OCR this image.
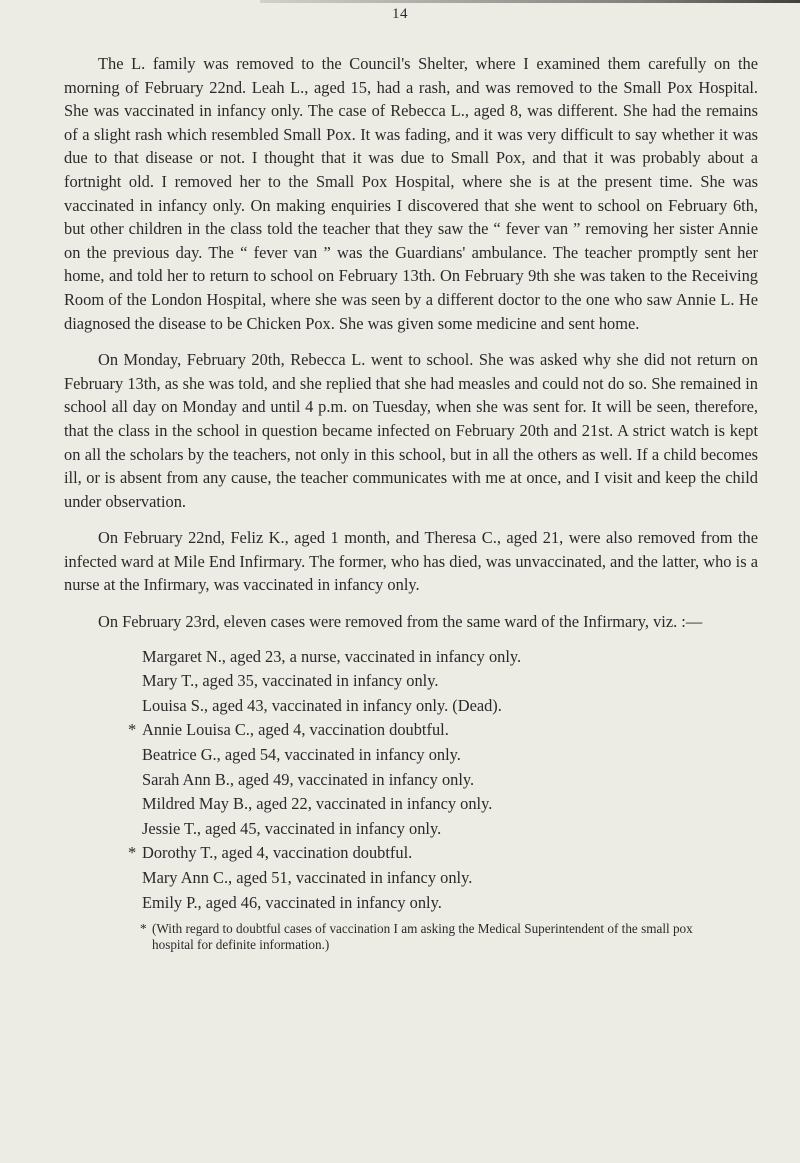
14

The L. family was removed to the Council's Shelter, where I examined them carefully on the morning of February 22nd. Leah L., aged 15, had a rash, and was removed to the Small Pox Hospital. She was vaccinated in infancy only. The case of Rebecca L., aged 8, was different. She had the remains of a slight rash which resembled Small Pox. It was fading, and it was very difficult to say whether it was due to that disease or not. I thought that it was due to Small Pox, and that it was probably about a fortnight old. I removed her to the Small Pox Hospital, where she is at the present time. She was vaccinated in infancy only. On making enquiries I discovered that she went to school on February 6th, but other children in the class told the teacher that they saw the “ fever van ” removing her sister Annie on the previous day. The “ fever van ” was the Guardians' ambulance. The teacher promptly sent her home, and told her to return to school on February 13th. On February 9th she was taken to the Receiving Room of the London Hospital, where she was seen by a different doctor to the one who saw Annie L. He diagnosed the disease to be Chicken Pox. She was given some medicine and sent home.

On Monday, February 20th, Rebecca L. went to school. She was asked why she did not return on February 13th, as she was told, and she replied that she had measles and could not do so. She remained in school all day on Monday and until 4 p.m. on Tuesday, when she was sent for. It will be seen, therefore, that the class in the school in question became infected on February 20th and 21st. A strict watch is kept on all the scholars by the teachers, not only in this school, but in all the others as well. If a child becomes ill, or is absent from any cause, the teacher communicates with me at once, and I visit and keep the child under observation.

On February 22nd, Feliz K., aged 1 month, and Theresa C., aged 21, were also removed from the infected ward at Mile End Infirmary. The former, who has died, was unvaccinated, and the latter, who is a nurse at the Infirmary, was vaccinated in infancy only.

On February 23rd, eleven cases were removed from the same ward of the Infirmary, viz. :—

Margaret N., aged 23, a nurse, vaccinated in infancy only.
Mary T., aged 35, vaccinated in infancy only.
Louisa S., aged 43, vaccinated in infancy only. (Dead).
* Annie Louisa C., aged 4, vaccination doubtful.
Beatrice G., aged 54, vaccinated in infancy only.
Sarah Ann B., aged 49, vaccinated in infancy only.
Mildred May B., aged 22, vaccinated in infancy only.
Jessie T., aged 45, vaccinated in infancy only.
* Dorothy T., aged 4, vaccination doubtful.
Mary Ann C., aged 51, vaccinated in infancy only.
Emily P., aged 46, vaccinated in infancy only.
* (With regard to doubtful cases of vaccination I am asking the Medical Superintendent of the small pox hospital for definite information.)
